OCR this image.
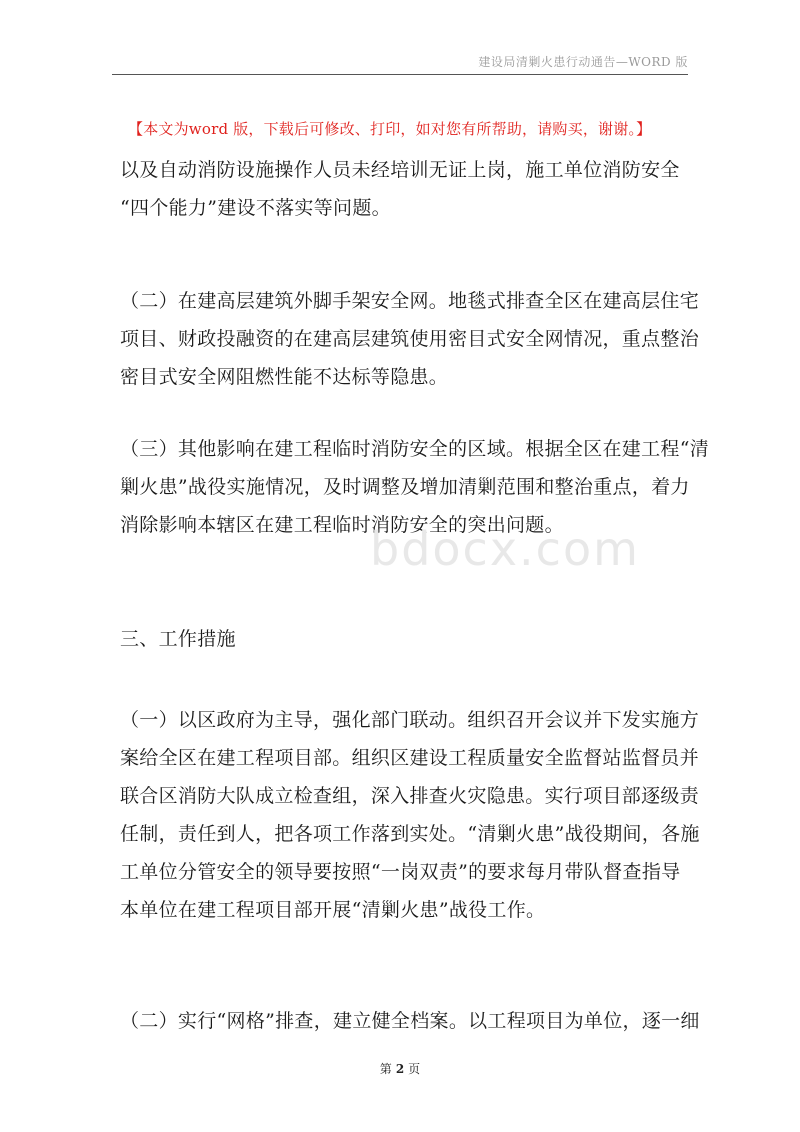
建设局清剿火患行动通告—WORD 版
【本文为word 版，下载后可修改、打印，如对您有所帮助，请购买，谢谢。】
以及自动消防设施操作人员未经培训无证上岗，施工单位消防安全
“四个能力”建设不落实等问题。
（二）在建高层建筑外脚手架安全网。地毯式排查全区在建高层住宅
项目、财政投融资的在建高层建筑使用密目式安全网情况，重点整治
密目式安全网阻燃性能不达标等隐患。
（三）其他影响在建工程临时消防安全的区域。根据全区在建工程“清
剿火患”战役实施情况，及时调整及增加清剿范围和整治重点，着力
消除影响本辖区在建工程临时消防安全的突出问题。
三、工作措施
（一）以区政府为主导，强化部门联动。组织召开会议并下发实施方
案给全区在建工程项目部。组织区建设工程质量安全监督站监督员并
联合区消防大队成立检查组，深入排查火灾隐患。实行项目部逐级责
任制，责任到人，把各项工作落到实处。“清剿火患”战役期间，各施
工单位分管安全的领导要按照“一岗双责”的要求每月带队督查指导
本单位在建工程项目部开展“清剿火患”战役工作。
（二）实行“网格”排查，建立健全档案。以工程项目为单位，逐一细
bdocx.com
第 2 页
